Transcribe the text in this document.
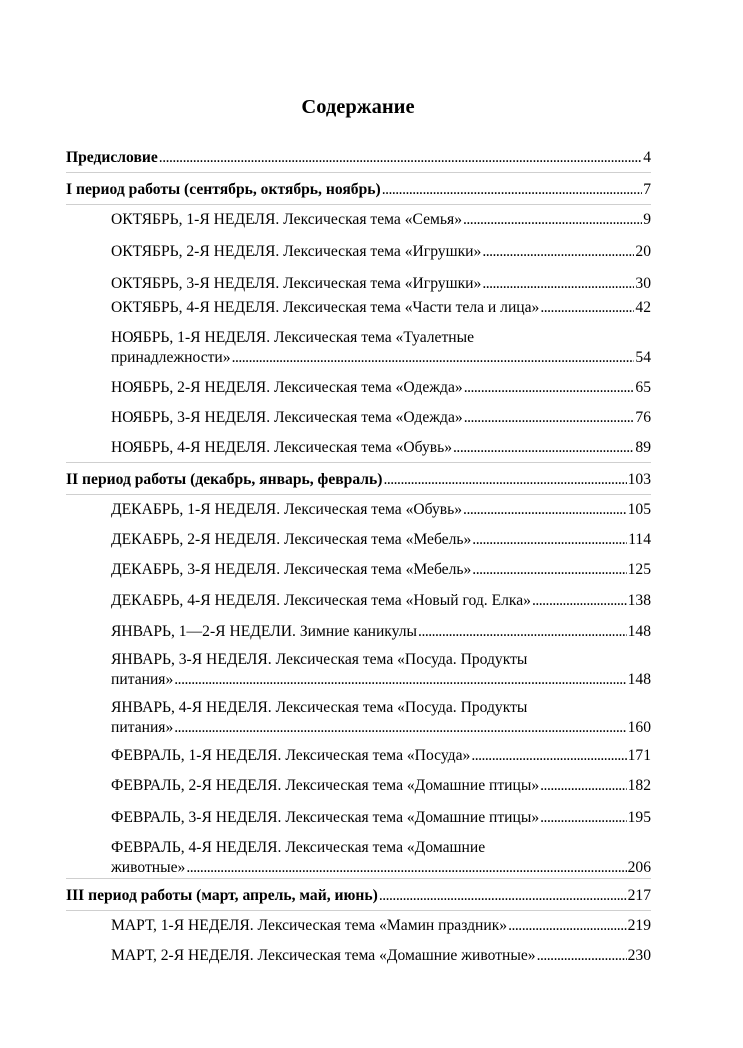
Содержание
Предисловие . . .	4
I период работы (сентябрь, октябрь, ноябрь) . . .	7
ОКТЯБРЬ, 1-Я НЕДЕЛЯ. Лексическая тема «Семья» . . .	9
ОКТЯБРЬ, 2-Я НЕДЕЛЯ. Лексическая тема «Игрушки» . . .	20
ОКТЯБРЬ, 3-Я НЕДЕЛЯ. Лексическая тема «Игрушки» . . .	30
ОКТЯБРЬ, 4-Я НЕДЕЛЯ. Лексическая тема «Части тела и лица» . . .	42
НОЯБРЬ, 1-Я НЕДЕЛЯ. Лексическая тема «Туалетные
принадлежности» . . .	54
НОЯБРЬ, 2-Я НЕДЕЛЯ. Лексическая тема «Одежда» . . .	65
НОЯБРЬ, 3-Я НЕДЕЛЯ. Лексическая тема «Одежда» . . .	76
НОЯБРЬ, 4-Я НЕДЕЛЯ. Лексическая тема «Обувь» . . .	89
II период работы (декабрь, январь, февраль) . . .	103
ДЕКАБРЬ, 1-Я НЕДЕЛЯ. Лексическая тема «Обувь» . . .	105
ДЕКАБРЬ, 2-Я НЕДЕЛЯ. Лексическая тема «Мебель» . . .	114
ДЕКАБРЬ, 3-Я НЕДЕЛЯ. Лексическая тема «Мебель» . . .	125
ДЕКАБРЬ, 4-Я НЕДЕЛЯ. Лексическая тема «Новый год. Елка» . . .	138
ЯНВАРЬ, 1—2-Я НЕДЕЛИ. Зимние каникулы . . .	148
ЯНВАРЬ, 3-Я НЕДЕЛЯ. Лексическая тема «Посуда. Продукты
питания» . . .	148
ЯНВАРЬ, 4-Я НЕДЕЛЯ. Лексическая тема «Посуда. Продукты
питания» . . .	160
ФЕВРАЛЬ, 1-Я НЕДЕЛЯ. Лексическая тема «Посуда» . . .	171
ФЕВРАЛЬ, 2-Я НЕДЕЛЯ. Лексическая тема «Домашние птицы» . . .	182
ФЕВРАЛЬ, 3-Я НЕДЕЛЯ. Лексическая тема «Домашние птицы» . . .	195
ФЕВРАЛЬ, 4-Я НЕДЕЛЯ. Лексическая тема «Домашние
животные» . . .	206
III период работы (март, апрель, май, июнь) . . .	217
МАРТ, 1-Я НЕДЕЛЯ. Лексическая тема «Мамин праздник» . . .	219
МАРТ, 2-Я НЕДЕЛЯ. Лексическая тема «Домашние животные» . . .	230
